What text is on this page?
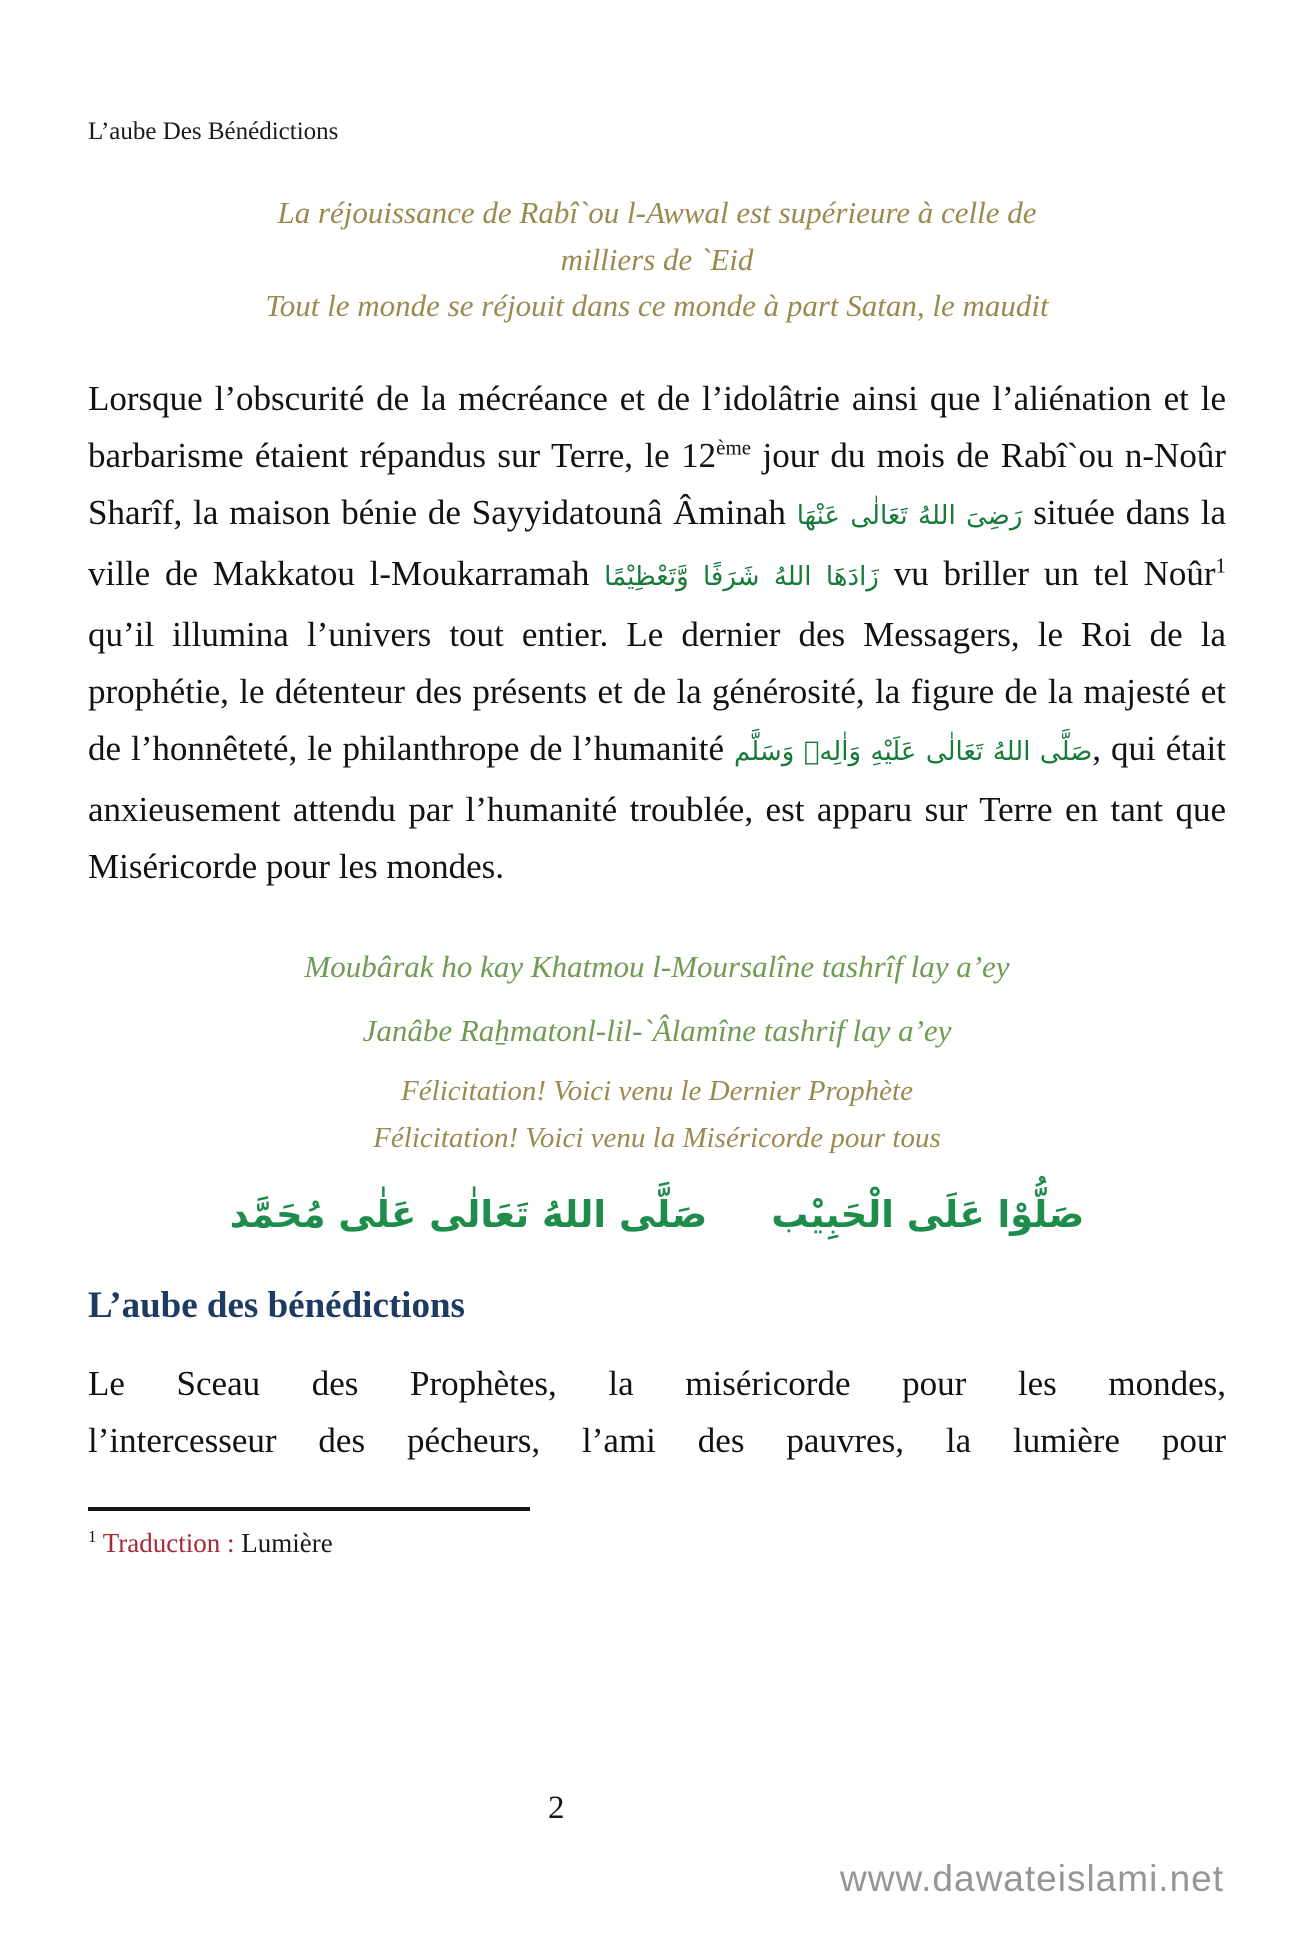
L’aube Des Bénédictions
La réjouissance de Rabî`ou l-Awwal est supérieure à celle de
milliers de `Eid
Tout le monde se réjouit dans ce monde à part Satan, le maudit

Lorsque l’obscurité de la mécréance et de l’idolâtrie ainsi que l’aliénation et le barbarisme étaient répandus sur Terre, le 12ème jour du mois de Rabî`ou n-Noûr Sharîf, la maison bénie de Sayyidatounâ Âminah رَضِىَ اللهُ تَعَالٰى عَنْهَا située dans la ville de Makkatou l-Moukarramah زَادَهَا اللهُ شَرَفًا وَّتَعْظِيْمًا vu briller un tel Noûr$^1$ qu’il illumina l’univers tout entier. Le dernier des Messagers, le Roi de la prophétie, le détenteur des présents et de la générosité, la figure de la majesté et de l’honnêteté, le philanthrope de l’humanité صَلَّى اللهُ تَعَالٰى عَلَيْهِ وَاٰلِهٖ وَسَلَّم, qui était anxieusement attendu par l’humanité troublée, est apparu sur Terre en tant que Miséricorde pour les mondes.

Moubârak ho kay Khatmou l-Moursalîne tashrîf lay a’ey
Janâbe Raẖmatonl-lil-`Âlamîne tashrif lay a’ey
Félicitation! Voici venu le Dernier Prophète
Félicitation! Voici venu la Miséricorde pour tous
صَلُّوْا عَلَى الْحَبِيْبصَلَّى اللهُ تَعَالٰى عَلٰى مُحَمَّد
L’aube des bénédictions
Le Sceau des Prophètes, la miséricorde pour les mondes,
l’intercesseur des pécheurs, l’ami des pauvres, la lumière pour
$^1$ Traduction : Lumière
2
www.dawateislami.net
